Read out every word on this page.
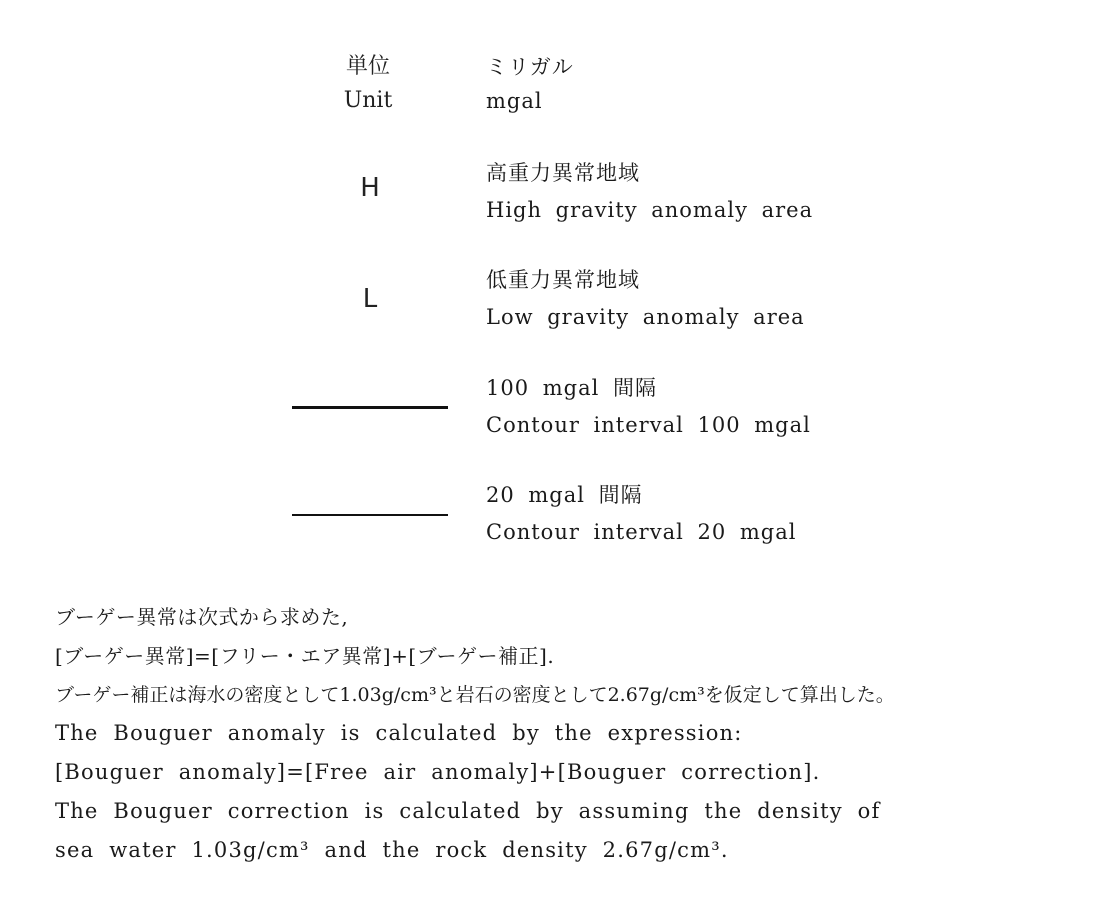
単位
Unit
ミリガル
mgal
H	高重力異常地域
High gravity anomaly area
L
低重力異常地域
Low gravity anomaly area
100 mgal 間隔
Contour interval 100 mgal
20 mgal 間隔
Contour interval 20 mgal
ブーゲー異常は次式から求めた,
[ブーゲー異常]=[フリー・エア異常]+[ブーゲー補正].
ブーゲー補正は海水の密度として1.03g/cm³と岩石の密度として2.67g/cm³を仮定して算出した。
The Bouguer anomaly is calculated by the expression:
[Bouguer anomaly]=[Free air anomaly]+[Bouguer correction].
The Bouguer correction is calculated by assuming the density of
sea water 1.03g/cm³ and the rock density 2.67g/cm³.
